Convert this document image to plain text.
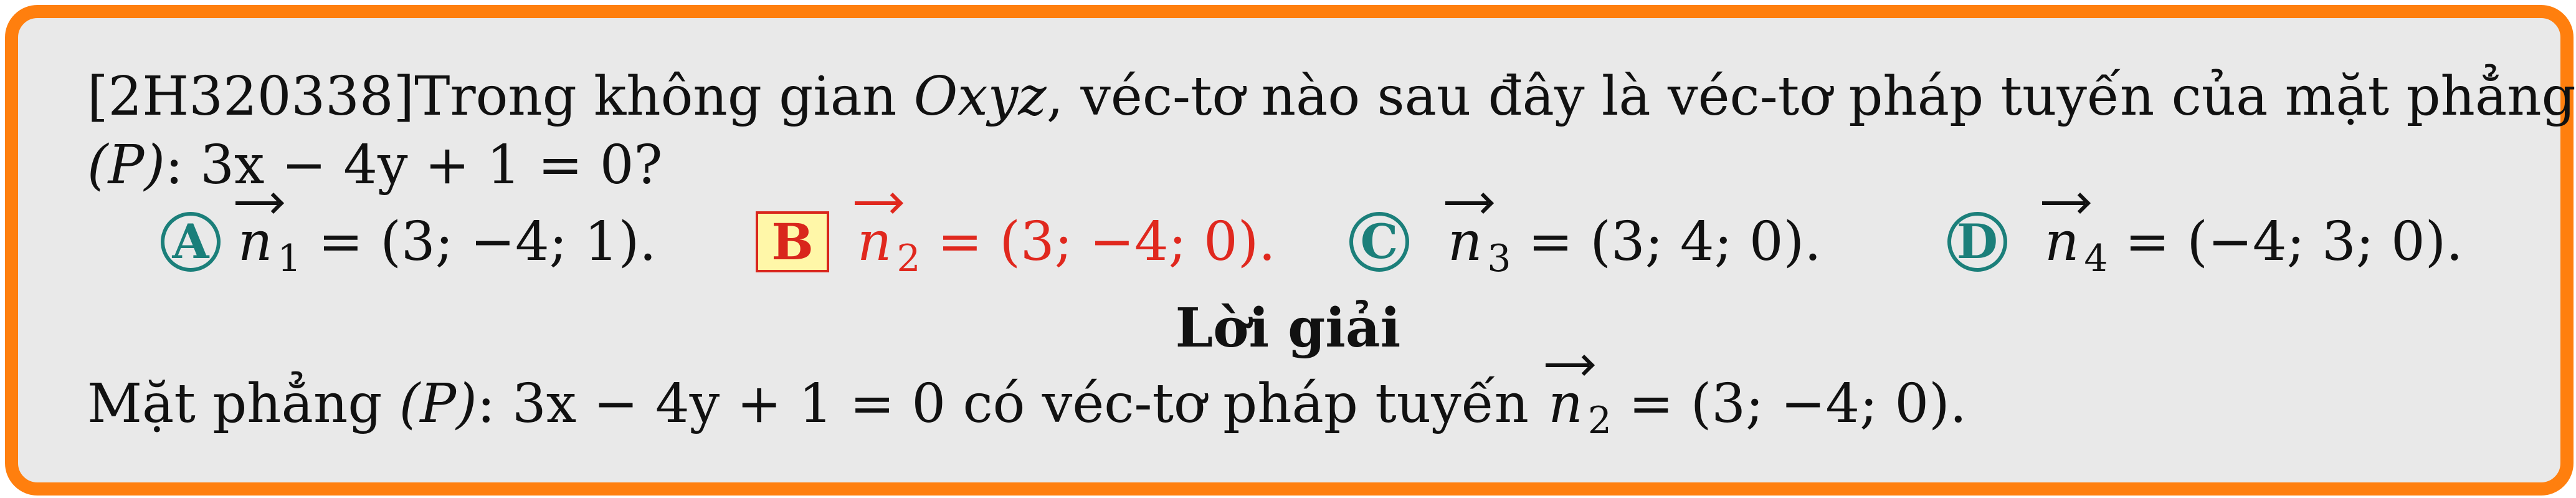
[2H320338]Trong không gian Oxyz, véc-tơ nào sau đây là véc-tơ pháp tuyến của mặt phẳng
(P): 3x − 4y + 1 = 0?
A n $_1$ = (3; −4; 1). B n $_2$ = (3; −4; 0). C n $_3$ = (3; 4; 0).	D n $_4$ = (−4; 3; 0).
Lời giải
Mặt phẳng (P): 3x − 4y + 1 = 0 có véc-tơ pháp tuyến n $_2$ = (3; −4; 0).
